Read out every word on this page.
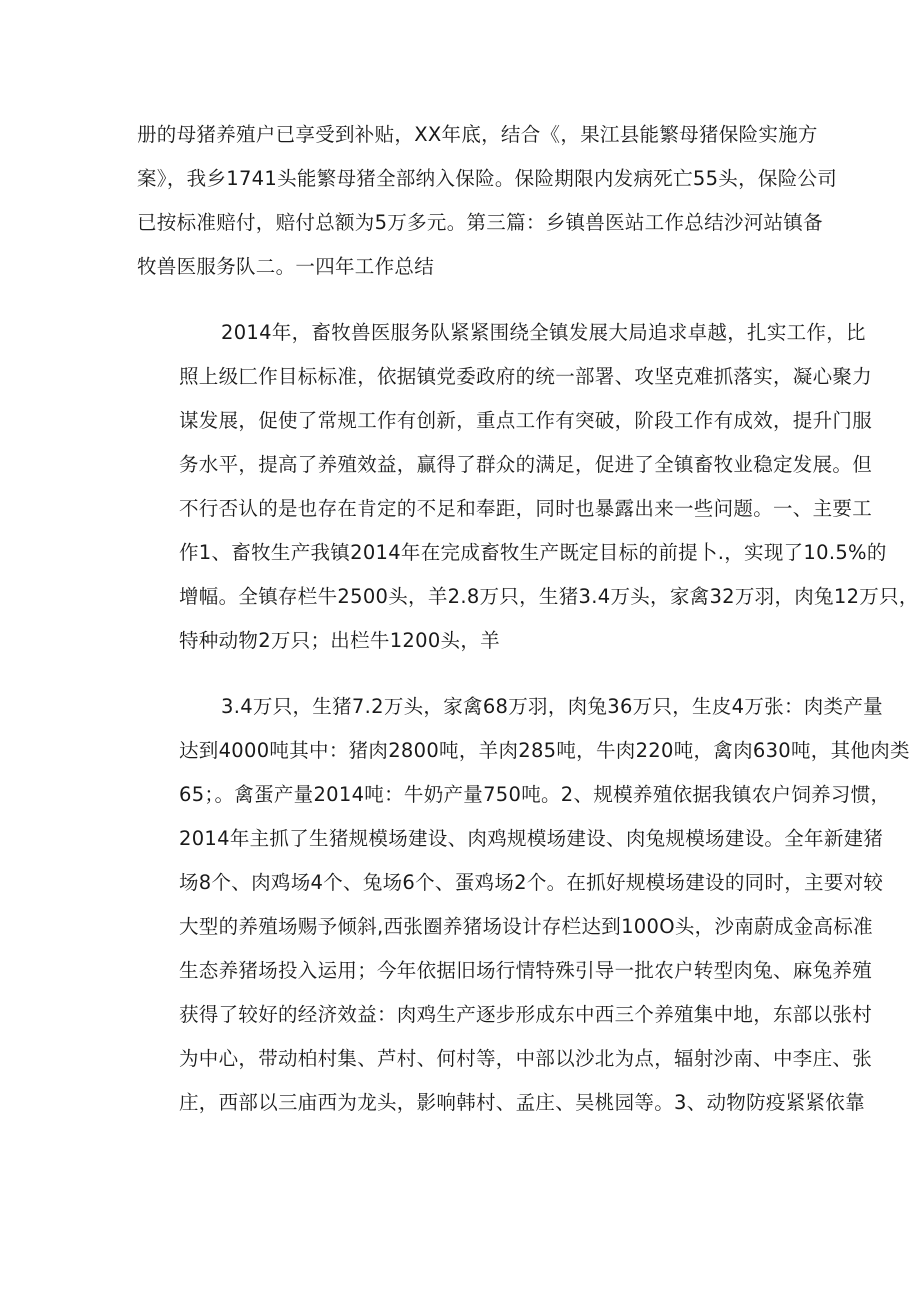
册的母猪养殖户已享受到补贴，XX年底，结合《，果江县能繁母猪保险实施方
案》，我乡1741头能繁母猪全部纳入保险。保险期限内发病死亡55头，保险公司
已按标准赔付，赔付总额为5万多元。第三篇：乡镇兽医站工作总结沙河站镇备
牧兽医服务队二。一四年工作总结
2014年，畜牧兽医服务队紧紧围绕全镇发展大局追求卓越，扎实工作，比
照上级匚作目标标准，依据镇党委政府的统一部署、攻坚克难抓落实，凝心聚力
谋发展，促使了常规工作有创新，重点工作有突破，阶段工作有成效，提升门服
务水平，提高了养殖效益，赢得了群众的满足，促进了全镇畜牧业稳定发展。但
不行否认的是也存在肯定的不足和奉距，同时也暴露出来一些问题。一、主要工
作1、畜牧生产我镇2014年在完成畜牧生产既定目标的前提卜.，实现了10.5%的
增幅。全镇存栏牛2500头，羊2.8万只，生猪3.4万头，家禽32万羽，肉兔12万只，
特种动物2万只；出栏牛1200头，羊
3.4万只，生猪7.2万头，家禽68万羽，肉兔36万只，生皮4万张：肉类产量
达到4000吨其中：猪肉2800吨，羊肉285吨，牛肉220吨，禽肉630吨，其他肉类
65；。禽蛋产量2014吨：牛奶产量750吨。2、规模养殖依据我镇农户饲养习惯，
2014年主抓了生猪规模场建设、肉鸡规模场建设、肉兔规模场建设。全年新建猪
场8个、肉鸡场4个、兔场6个、蛋鸡场2个。在抓好规模场建设的同时，主要对较
大型的养殖场赐予倾斜,西张圈养猪场设计存栏达到100O头，沙南蔚成金高标准
生态养猪场投入运用；今年依据旧场行情特殊引导一批农户转型肉兔、麻兔养殖
获得了较好的经济效益：肉鸡生产逐步形成东中西三个养殖集中地，东部以张村
为中心，带动柏村集、芦村、何村等，中部以沙北为点，辐射沙南、中李庄、张
庄，西部以三庙西为龙头，影响韩村、孟庄、吴桃园等。3、动物防疫紧紧依靠
